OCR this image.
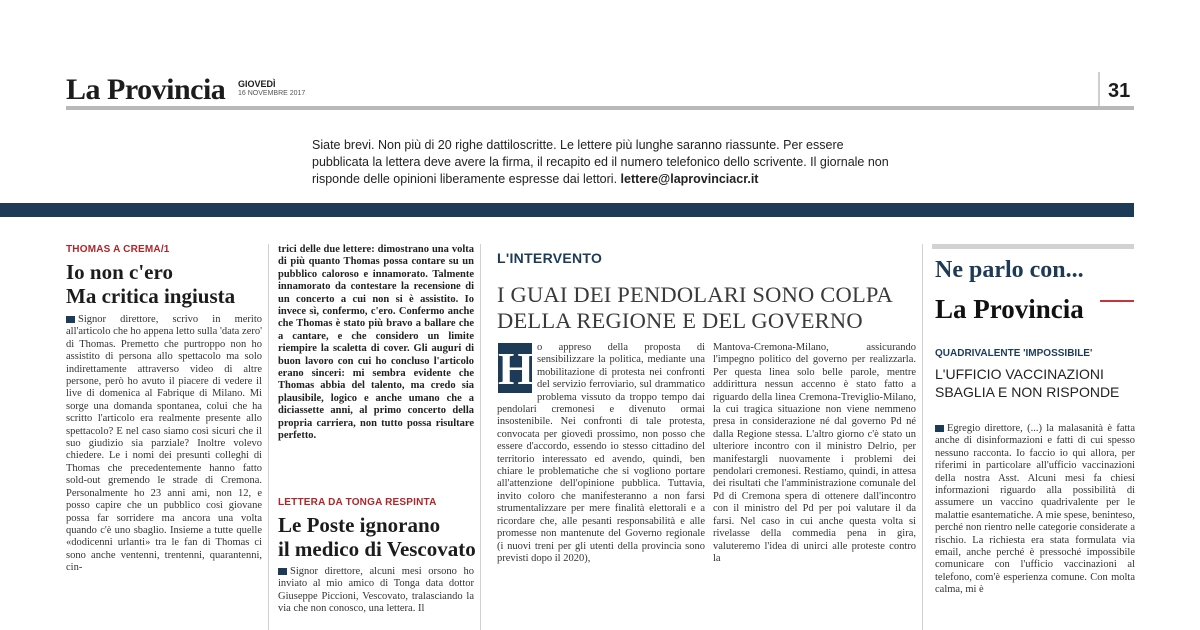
La Provincia GIOVEDÌ
16 NOVEMBRE 2017	31
Siate brevi. Non più di 20 righe dattiloscritte. Le lettere più lunghe saranno riassunte. Per essere pubblicata la lettera deve avere la firma, il recapito ed il numero telefonico dello scrivente. Il giornale non risponde delle opinioni liberamente espresse dai lettori. lettere@laprovinciacr.it
THOMAS A CREMA/1
Io non c'ero
Ma critica ingiusta
Signor direttore, scrivo in merito all'articolo che ho appena letto sulla 'data zero' di Thomas. Premetto che purtroppo non ho assistito di persona allo spettacolo ma solo indirettamente attraverso video di altre persone, però ho avuto il piacere di vedere il live di domenica al Fabrique di Milano. Mi sorge una domanda spontanea, colui che ha scritto l'articolo era realmente presente allo spettacolo? E nel caso siamo così sicuri che il suo giudizio sia parziale? Inoltre volevo chiedere. Le i nomi dei presunti colleghi di Thomas che precedentemente hanno fatto sold-out gremendo le strade di Cremona. Personalmente ho 23 anni ami, non 12, e posso capire che un pubblico così giovane possa far sorridere ma ancora una volta quando c'è uno sbaglio. Insieme a tutte quelle «dodicenni urlanti» tra le fan di Thomas ci sono anche ventenni, trentenni, quarantenni, cin-
trici delle due lettere: dimostrano una volta di più quanto Thomas possa contare su un pubblico caloroso e innamorato. Talmente innamorato da contestare la recensione di un concerto a cui non si è assistito. Io invece sì, confermo, c'ero. Confermo anche che Thomas è stato più bravo a ballare che a cantare, e che considero un limite riempire la scaletta di cover. Gli auguri di buon lavoro con cui ho concluso l'articolo erano sinceri: mi sembra evidente che Thomas abbia del talento, ma credo sia plausibile, logico e anche umano che a diciassette anni, al primo concerto della propria carriera, non tutto possa risultare perfetto.
LETTERA DA TONGA RESPINTA
Le Poste ignorano
il medico di Vescovato
Signor direttore, alcuni mesi orsono ho inviato al mio amico di Tonga data dottor Giuseppe Piccioni, Vescovato, tralasciando la via che non conosco, una lettera. Il
L'INTERVENTO
I GUAI DEI PENDOLARI SONO COLPA
DELLA REGIONE E DEL GOVERNO
H o appreso della proposta di sensibilizzare la politica, mediante una mobilitazione di protesta nei confronti del servizio ferroviario, sul drammatico problema vissuto da troppo tempo dai pendolari cremonesi e divenuto ormai insostenibile. Nei confronti di tale protesta, convocata per giovedì prossimo, non posso che essere d'accordo, essendo io stesso cittadino del territorio interessato ed avendo, quindi, ben chiare le problematiche che si vogliono portare all'attenzione dell'opinione pubblica. Tuttavia, invito coloro che manifesteranno a non farsi strumentalizzare per mere finalità elettorali e a ricordare che, alle pesanti responsabilità e alle promesse non mantenute del Governo regionale (i nuovi treni per gli utenti della provincia sono previsti dopo il 2020),
Mantova-Cremona-Milano, assicurando l'impegno politico del governo per realizzarla. Per questa linea solo belle parole, mentre addirittura nessun accenno è stato fatto a riguardo della linea Cremona-Treviglio-Milano, la cui tragica situazione non viene nemmeno presa in considerazione né dal governo Pd né dalla Regione stessa. L'altro giorno c'è stato un ulteriore incontro con il ministro Delrio, per manifestargli nuovamente i problemi dei pendolari cremonesi. Restiamo, quindi, in attesa dei risultati che l'amministrazione comunale del Pd di Cremona spera di ottenere dall'incontro con il ministro del Pd per poi valutare il da farsi. Nel caso in cui anche questa volta si rivelasse della commedia pena in gira, valuteremo l'idea di unirci alle proteste contro la
Ne parlo con...
La Provincia
QUADRIVALENTE 'IMPOSSIBILE'
L'UFFICIO VACCINAZIONI
SBAGLIA E NON RISPONDE
Egregio direttore, (...) la malasanità è fatta anche di disinformazioni e fatti di cui spesso nessuno racconta. Io faccio io qui allora, per riferimi in particolare all'ufficio vaccinazioni della nostra Asst. Alcuni mesi fa chiesi informazioni riguardo alla possibilità di assumere un vaccino quadrivalente per le malattie esantematiche. A mie spese, beninteso, perché non rientro nelle categorie considerate a rischio. La richiesta era stata formulata via email, anche perché è pressoché impossibile comunicare con l'ufficio vaccinazioni al telefono, com'è esperienza comune. Con molta calma, mi è
